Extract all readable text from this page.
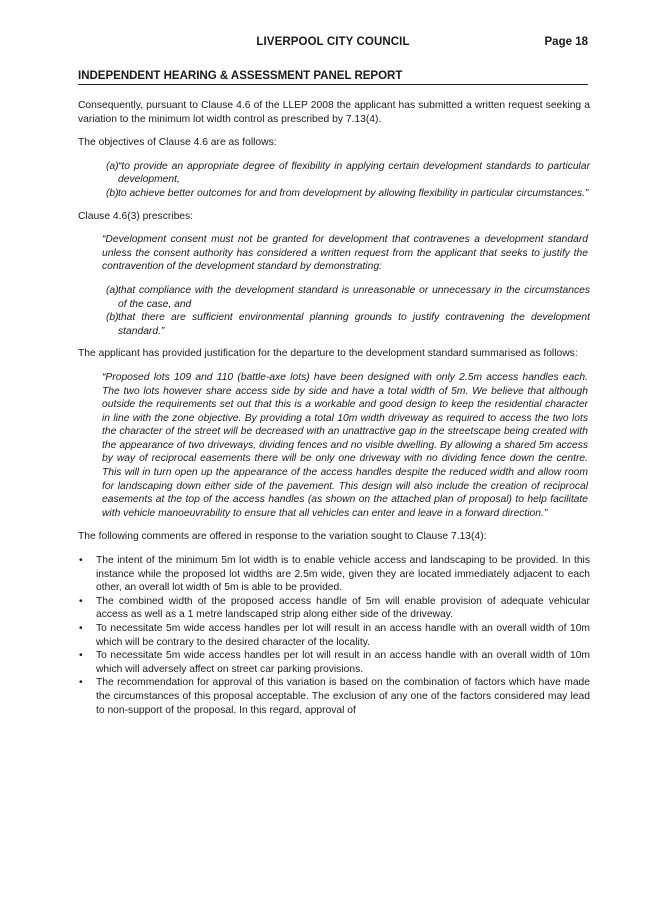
LIVERPOOL CITY COUNCIL	Page 18
INDEPENDENT HEARING & ASSESSMENT PANEL REPORT

Consequently, pursuant to Clause 4.6 of the LLEP 2008 the applicant has submitted a written request seeking a variation to the minimum lot width control as prescribed by 7.13(4).

The objectives of Clause 4.6 are as follows:

(a) “to provide an appropriate degree of flexibility in applying certain development standards to particular development,
(b) to achieve better outcomes for and from development by allowing flexibility in particular circumstances.”

Clause 4.6(3) prescribes:

“Development consent must not be granted for development that contravenes a development standard unless the consent authority has considered a written request from the applicant that seeks to justify the contravention of the development standard by demonstrating:

(a) that compliance with the development standard is unreasonable or unnecessary in the circumstances of the case, and
(b) that there are sufficient environmental planning grounds to justify contravening the development standard.”

The applicant has provided justification for the departure to the development standard summarised as follows:

“Proposed lots 109 and 110 (battle-axe lots) have been designed with only 2.5m access handles each. The two lots however share access side by side and have a total width of 5m. We believe that although outside the requirements set out that this is a workable and good design to keep the residential character in line with the zone objective. By providing a total 10m width driveway as required to access the two lots the character of the street will be decreased with an unattractive gap in the streetscape being created with the appearance of two driveways, dividing fences and no visible dwelling. By allowing a shared 5m access by way of reciprocal easements there will be only one driveway with no dividing fence down the centre. This will in turn open up the appearance of the access handles despite the reduced width and allow room for landscaping down either side of the pavement. This design will also include the creation of reciprocal easements at the top of the access handles (as shown on the attached plan of proposal) to help facilitate with vehicle manoeuvrability to ensure that all vehicles can enter and leave in a forward direction.”

The following comments are offered in response to the variation sought to Clause 7.13(4):

• The intent of the minimum 5m lot width is to enable vehicle access and landscaping to be provided. In this instance while the proposed lot widths are 2.5m wide, given they are located immediately adjacent to each other, an overall lot width of 5m is able to be provided.
• The combined width of the proposed access handle of 5m will enable provision of adequate vehicular access as well as a 1 metre landscaped strip along either side of the driveway.
• To necessitate 5m wide access handles per lot will result in an access handle with an overall width of 10m which will be contrary to the desired character of the locality.
• To necessitate 5m wide access handles per lot will result in an access handle with an overall width of 10m which will adversely affect on street car parking provisions.
• The recommendation for approval of this variation is based on the combination of factors which have made the circumstances of this proposal acceptable. The exclusion of any one of the factors considered may lead to non-support of the proposal. In this regard, approval of
